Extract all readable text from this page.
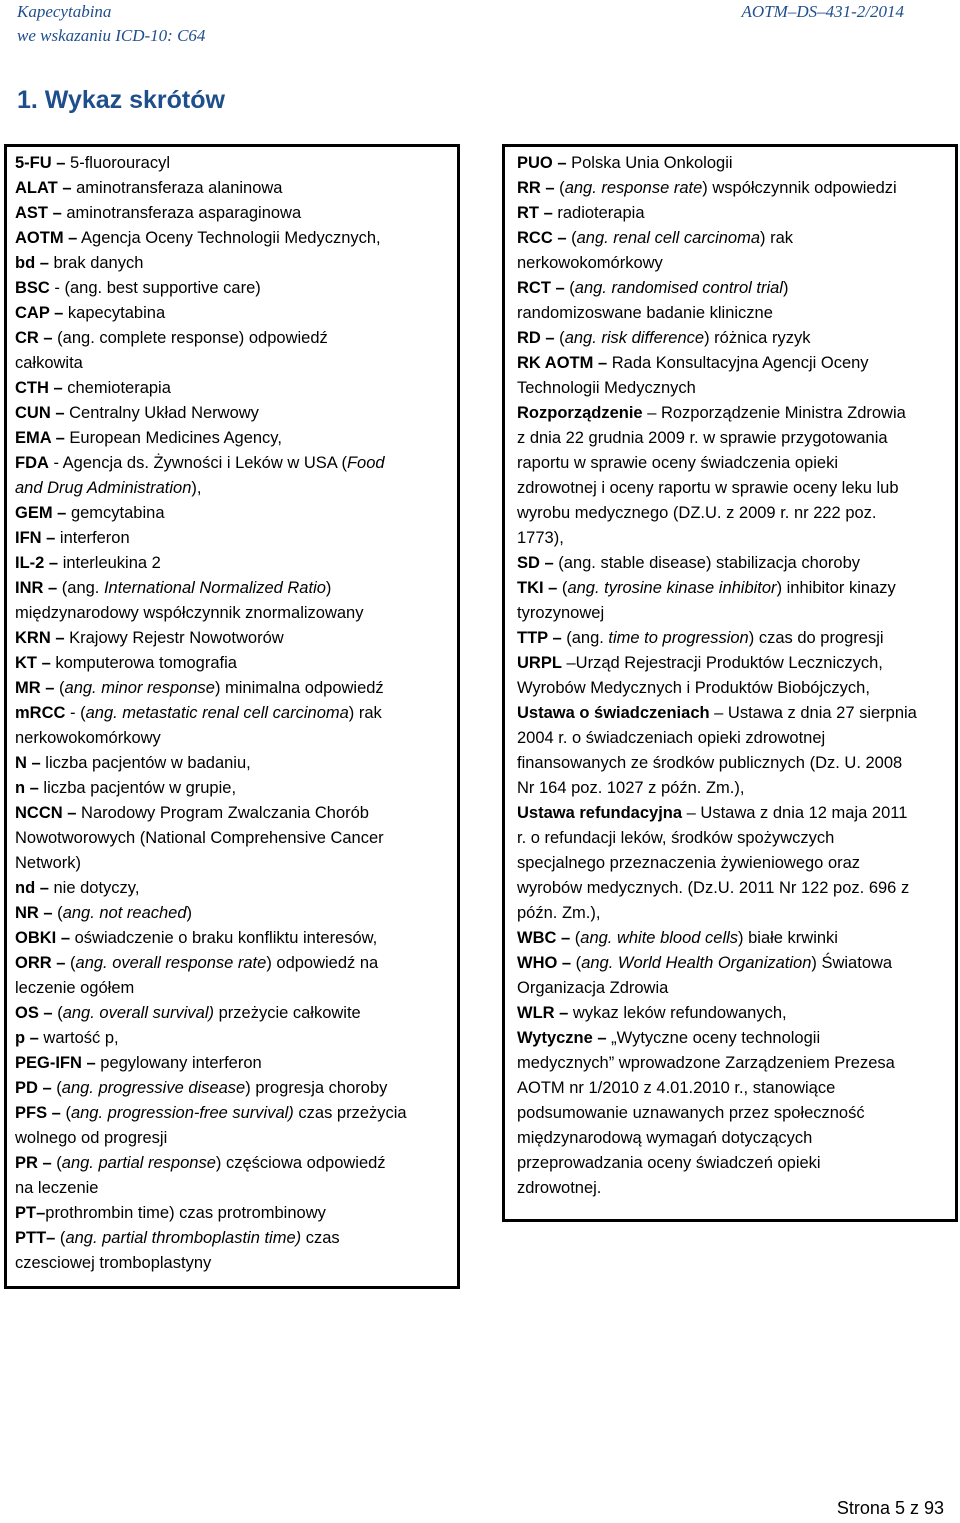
Kapecytabina
we wskazaniu ICD-10: C64
AOTM–DS–431-2/2014
1. Wykaz skrótów
5-FU – 5-fluorouracyl
ALAT – aminotransferaza alaninowa
AST – aminotransferaza asparaginowa
AOTM – Agencja Oceny Technologii Medycznych,
bd – brak danych
BSC - (ang. best supportive care)
CAP – kapecytabina
CR – (ang. complete response) odpowiedź
całkowita
CTH – chemioterapia
CUN – Centralny Układ Nerwowy
EMA – European Medicines Agency,
FDA - Agencja ds. Żywności i Leków w USA (Food
and Drug Administration),
GEM – gemcytabina
IFN – interferon
IL-2 – interleukina 2
INR – (ang. International Normalized Ratio)
międzynarodowy współczynnik znormalizowany
KRN – Krajowy Rejestr Nowotworów
KT – komputerowa tomografia
MR – (ang. minor response) minimalna odpowiedź
mRCC - (ang. metastatic renal cell carcinoma) rak
nerkowokomórkowy
N – liczba pacjentów w badaniu,
n – liczba pacjentów w grupie,
NCCN – Narodowy Program Zwalczania Chorób
Nowotworowych (National Comprehensive Cancer
Network)
nd – nie dotyczy,
NR – (ang. not reached)
OBKI – oświadczenie o braku konfliktu interesów,
ORR – (ang. overall response rate) odpowiedź na
leczenie ogółem
OS – (ang. overall survival) przeżycie całkowite
p – wartość p,
PEG-IFN – pegylowany interferon
PD – (ang. progressive disease) progresja choroby
PFS – (ang. progression-free survival) czas przeżycia
wolnego od progresji
PR – (ang. partial response) częściowa odpowiedź
na leczenie
PT–prothrombin time) czas protrombinowy
PTT– (ang. partial thromboplastin time) czas
czesciowej tromboplastyny
PUO – Polska Unia Onkologii
RR – (ang. response rate) współczynnik odpowiedzi
RT – radioterapia
RCC – (ang. renal cell carcinoma) rak
nerkowokomórkowy
RCT – (ang. randomised control trial)
randomizoswane badanie kliniczne
RD – (ang. risk difference) różnica ryzyk
RK AOTM – Rada Konsultacyjna Agencji Oceny
Technologii Medycznych
Rozporządzenie – Rozporządzenie Ministra Zdrowia
z dnia 22 grudnia 2009 r. w sprawie przygotowania
raportu w sprawie oceny świadczenia opieki
zdrowotnej i oceny raportu w sprawie oceny leku lub
wyrobu medycznego (DZ.U. z 2009 r. nr 222 poz.
1773),
SD – (ang. stable disease) stabilizacja choroby
TKI – (ang. tyrosine kinase inhibitor) inhibitor kinazy
tyrozynowej
TTP – (ang. time to progression) czas do progresji
URPL –Urząd Rejestracji Produktów Leczniczych,
Wyrobów Medycznych i Produktów Biobójczych,
Ustawa o świadczeniach – Ustawa z dnia 27 sierpnia
2004 r. o świadczeniach opieki zdrowotnej
finansowanych ze środków publicznych (Dz. U. 2008
Nr 164 poz. 1027 z późn. Zm.),
Ustawa refundacyjna – Ustawa z dnia 12 maja 2011
r. o refundacji leków, środków spożywczych
specjalnego przeznaczenia żywieniowego oraz
wyrobów medycznych. (Dz.U. 2011 Nr 122 poz. 696 z
późn. Zm.),
WBC – (ang. white blood cells) białe krwinki
WHO – (ang. World Health Organization) Światowa
Organizacja Zdrowia
WLR – wykaz leków refundowanych,
Wytyczne – „Wytyczne oceny technologii
medycznych” wprowadzone Zarządzeniem Prezesa
AOTM nr 1/2010 z 4.01.2010 r., stanowiące
podsumowanie uznawanych przez społeczność
międzynarodową wymagań dotyczących
przeprowadzania oceny świadczeń opieki
zdrowotnej.
Strona 5 z 93
